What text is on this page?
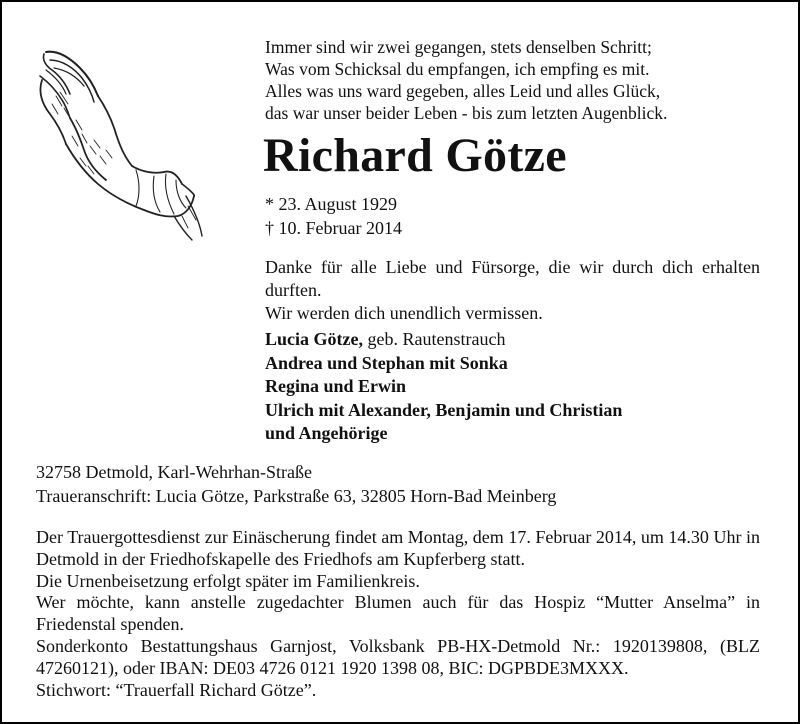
Immer sind wir zwei gegangen, stets denselben Schritt;
Was vom Schicksal du empfangen, ich empfing es mit.
Alles was uns ward gegeben, alles Leid und alles Glück,
das war unser beider Leben - bis zum letzten Augenblick.
Richard Götze
* 23. August 1929
† 10. Februar 2014

Danke für alle Liebe und Fürsorge, die wir durch dich erhalten durften.

Wir werden dich unendlich vermissen.

Lucia Götze, geb. Rautenstrauch
Andrea und Stephan mit Sonka
Regina und Erwin
Ulrich mit Alexander, Benjamin und Christian
und Angehörige
32758 Detmold, Karl-Wehrhan-Straße
Traueranschrift: Lucia Götze, Parkstraße 63, 32805 Horn-Bad Meinberg

Der Trauergottesdienst zur Einäscherung findet am Montag, dem 17. Februar 2014, um 14.30 Uhr in Detmold in der Friedhofskapelle des Friedhofs am Kupferberg statt.

Die Urnenbeisetzung erfolgt später im Familienkreis.

Wer möchte, kann anstelle zugedachter Blumen auch für das Hospiz “Mutter Anselma” in Friedenstal spenden.

Sonderkonto Bestattungshaus Garnjost, Volksbank PB-HX-Detmold Nr.: 1920139808, (BLZ 47260121), oder IBAN: DE03 4726 0121 1920 1398 08, BIC: DGPBDE3MXXX.

Stichwort: “Trauerfall Richard Götze”.
